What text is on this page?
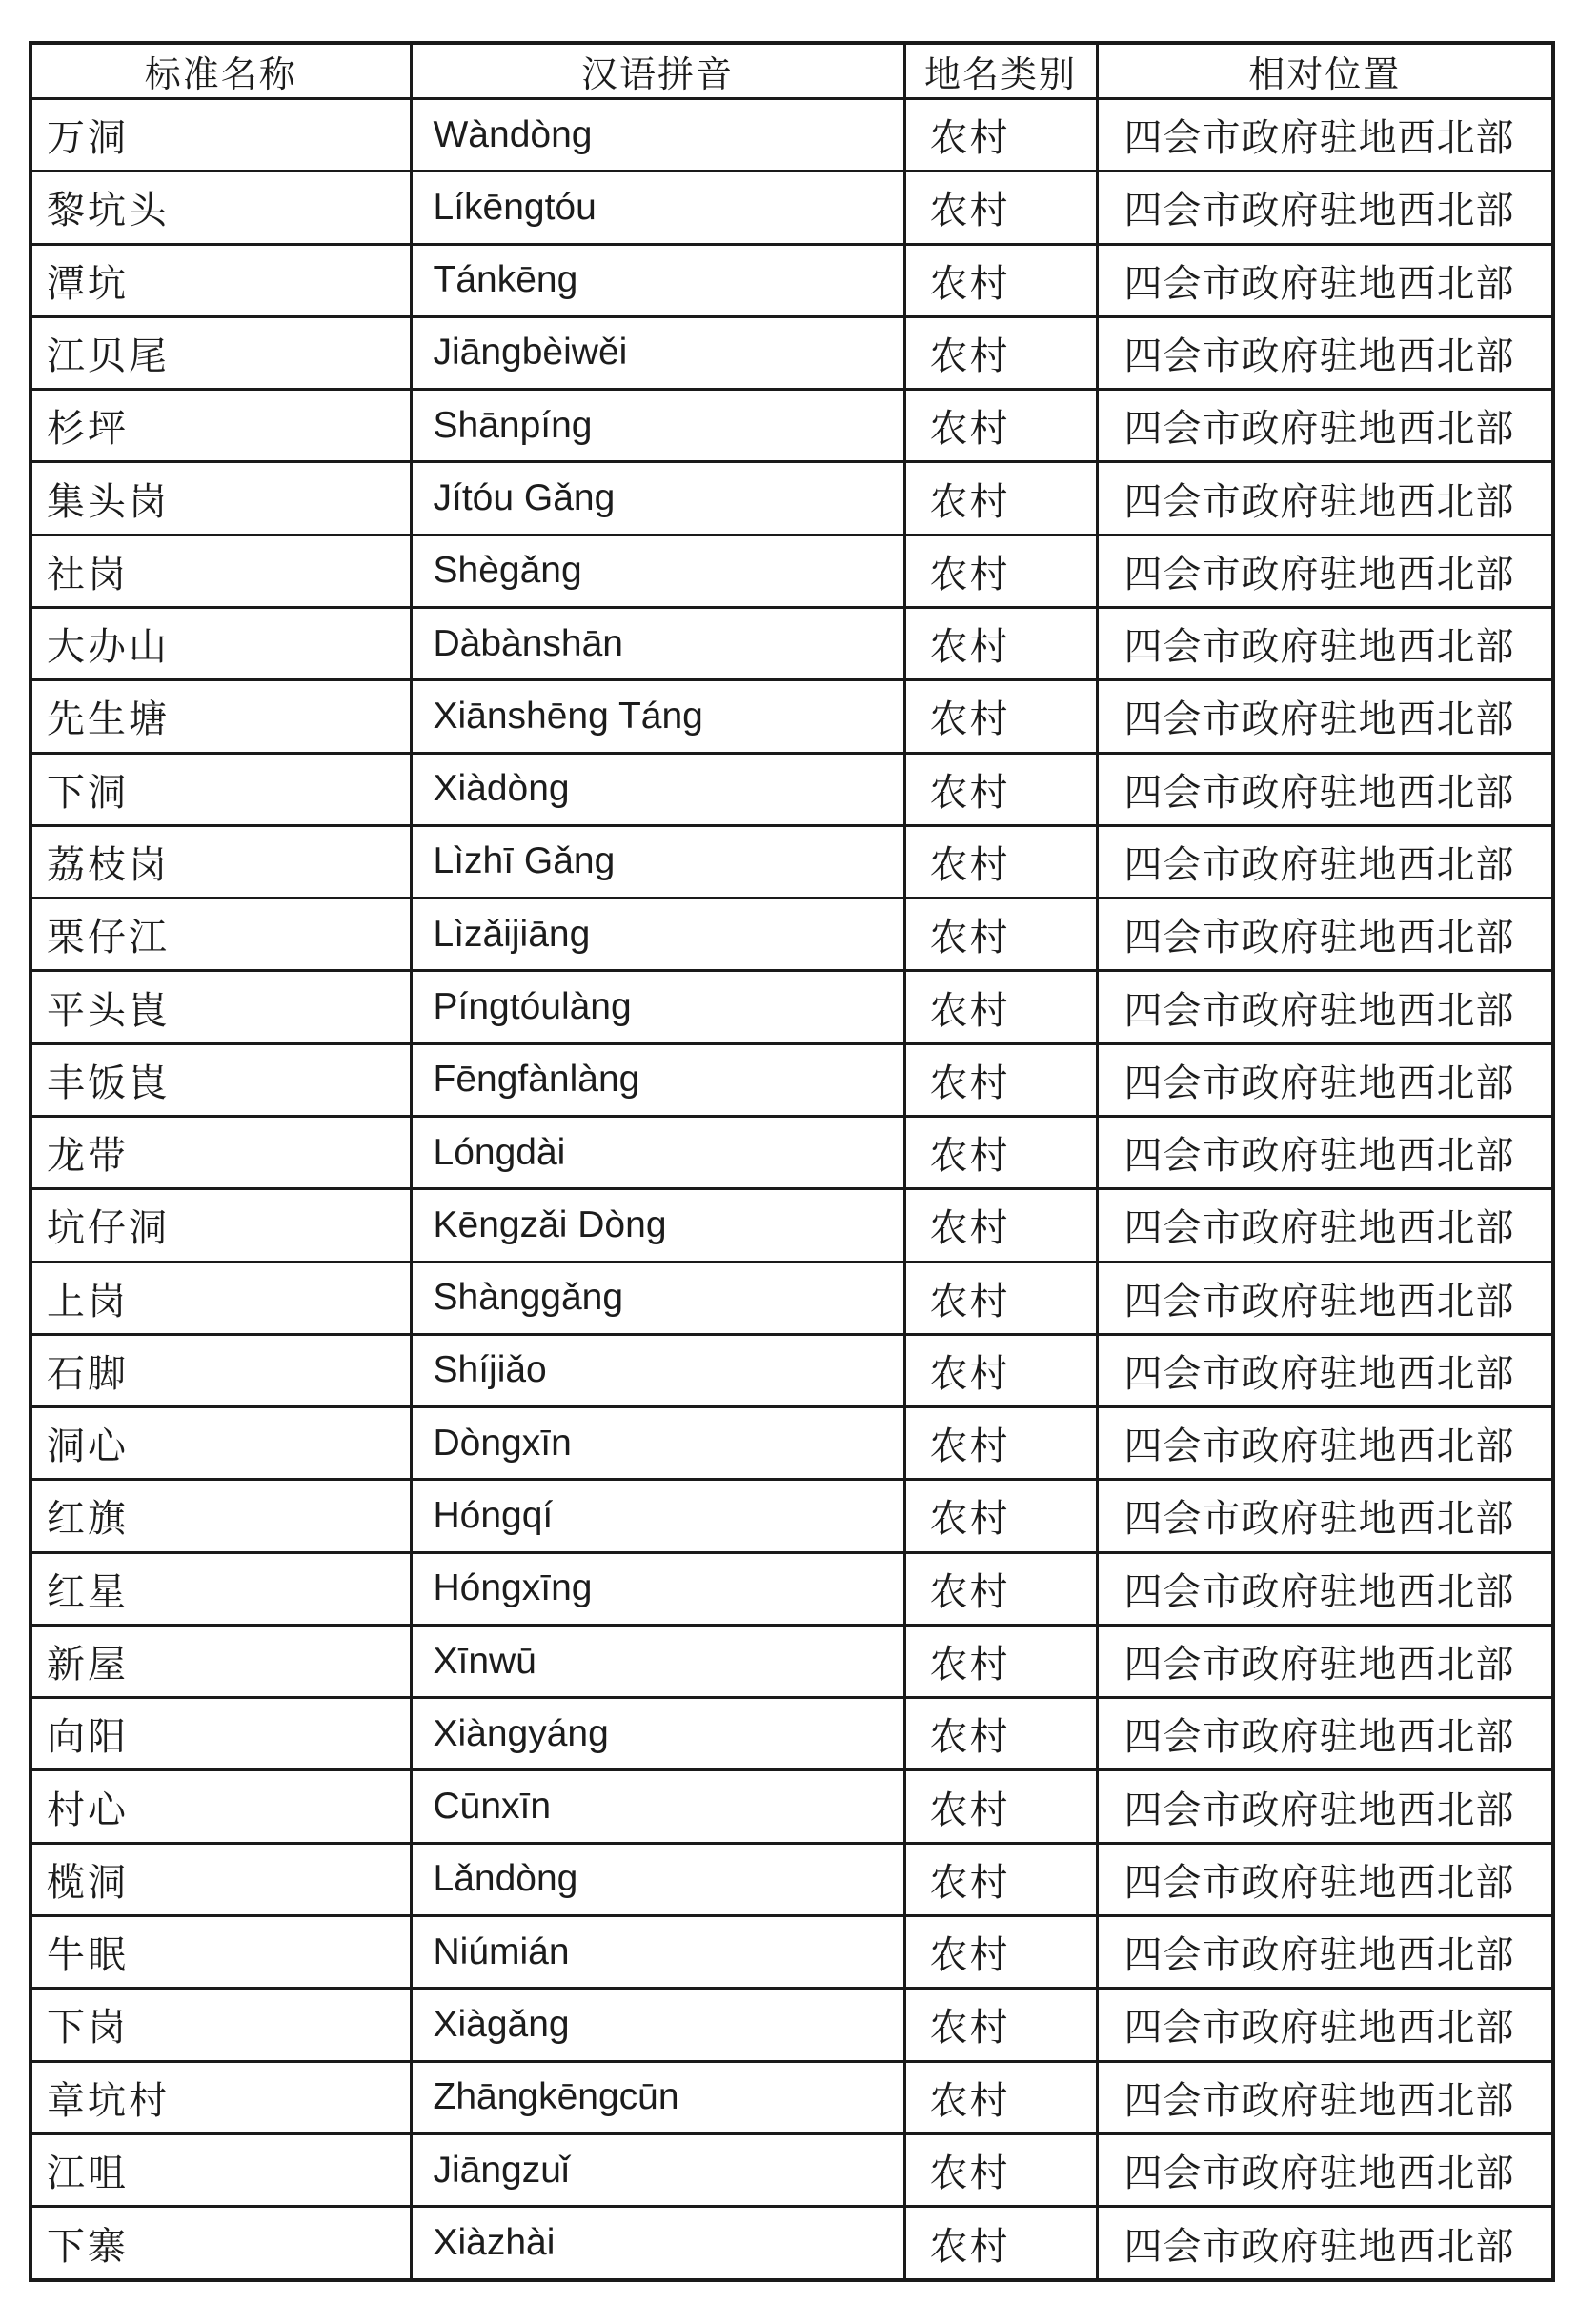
标准名称	汉语拼音	地名类别	相对位置
万洞	Wàndòng	农村	四会市政府驻地西北部
黎坑头	Líkēngtóu	农村	四会市政府驻地西北部
潭坑	Tánkēng	农村	四会市政府驻地西北部
江贝尾	Jiāngbèiwěi	农村	四会市政府驻地西北部
杉坪	Shānpíng	农村	四会市政府驻地西北部
集头岗	Jítóu Gǎng	农村	四会市政府驻地西北部
社岗	Shègǎng	农村	四会市政府驻地西北部
大办山	Dàbànshān	农村	四会市政府驻地西北部
先生塘	Xiānshēng Táng	农村	四会市政府驻地西北部
下洞	Xiàdòng	农村	四会市政府驻地西北部
荔枝岗	Lìzhī Gǎng	农村	四会市政府驻地西北部
栗仔江	Lìzǎijiāng	农村	四会市政府驻地西北部
平头崀	Píngtóulàng	农村	四会市政府驻地西北部
丰饭崀	Fēngfànlàng	农村	四会市政府驻地西北部
龙带	Lóngdài	农村	四会市政府驻地西北部
坑仔洞	Kēngzǎi Dòng	农村	四会市政府驻地西北部
上岗	Shànggǎng	农村	四会市政府驻地西北部
石脚	Shíjiǎo	农村	四会市政府驻地西北部
洞心	Dòngxīn	农村	四会市政府驻地西北部
红旗	Hóngqí	农村	四会市政府驻地西北部
红星	Hóngxīng	农村	四会市政府驻地西北部
新屋	Xīnwū	农村	四会市政府驻地西北部
向阳	Xiàngyáng	农村	四会市政府驻地西北部
村心	Cūnxīn	农村	四会市政府驻地西北部
榄洞	Lǎndòng	农村	四会市政府驻地西北部
牛眠	Niúmián	农村	四会市政府驻地西北部
下岗	Xiàgǎng	农村	四会市政府驻地西北部
章坑村	Zhāngkēngcūn	农村	四会市政府驻地西北部
江咀	Jiāngzuǐ	农村	四会市政府驻地西北部
下寨	Xiàzhài	农村	四会市政府驻地西北部
